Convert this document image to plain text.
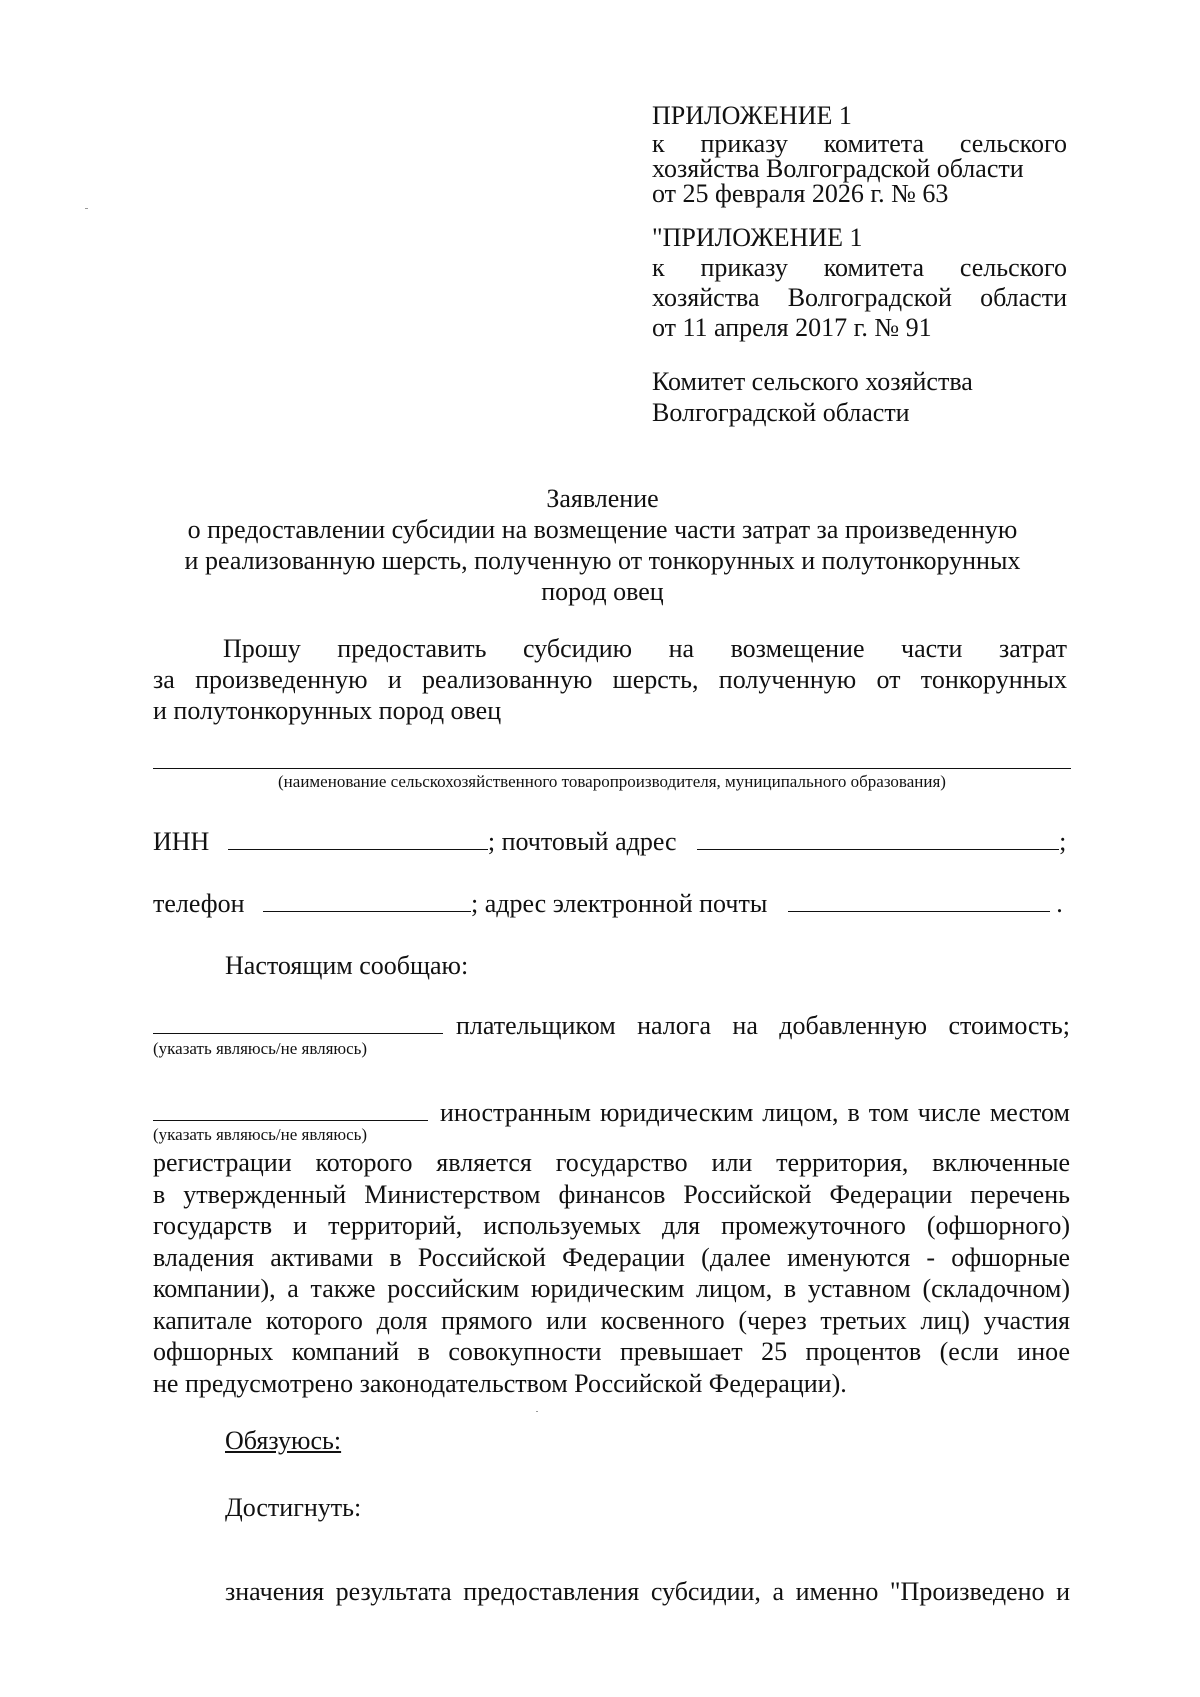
ПРИЛОЖЕНИЕ 1
к приказу комитета сельского
хозяйства Волгоградской области
от 25 февраля 2026 г. № 63
"ПРИЛОЖЕНИЕ 1
к приказу комитета сельского
хозяйства Волгоградской области
от 11 апреля 2017 г. № 91
Комитет сельского хозяйства
Волгоградской области
Заявление
о предоставлении субсидии на возмещение части затрат за произведенную
и реализованную шерсть, полученную от тонкорунных и полутонкорунных
пород овец
Прошу предоставить субсидию на возмещение части затрат
за произведенную и реализованную шерсть, полученную от тонкорунных
и полутонкорунных пород овец
(наименование сельскохозяйственного товаропроизводителя, муниципального образования)
ИНН	; почтовый адрес	;
телефон	; адрес электронной почты	.
Настоящим сообщаю:
плательщиком налога на добавленную стоимость;
(указать являюсь/не являюсь)
иностранным юридическим лицом, в том числе местом
(указать являюсь/не являюсь)
регистрации которого является государство или территория, включенные
в утвержденный Министерством финансов Российской Федерации перечень
государств и территорий, используемых для промежуточного (офшорного)
владения активами в Российской Федерации (далее именуются - офшорные
компании), а также российским юридическим лицом, в уставном (складочном)
капитале которого доля прямого или косвенного (через третьих лиц) участия
офшорных компаний в совокупности превышает 25 процентов (если иное
не предусмотрено законодательством Российской Федерации).
Обязуюсь:
Достигнуть:
значения результата предоставления субсидии, а именно "Произведено и
